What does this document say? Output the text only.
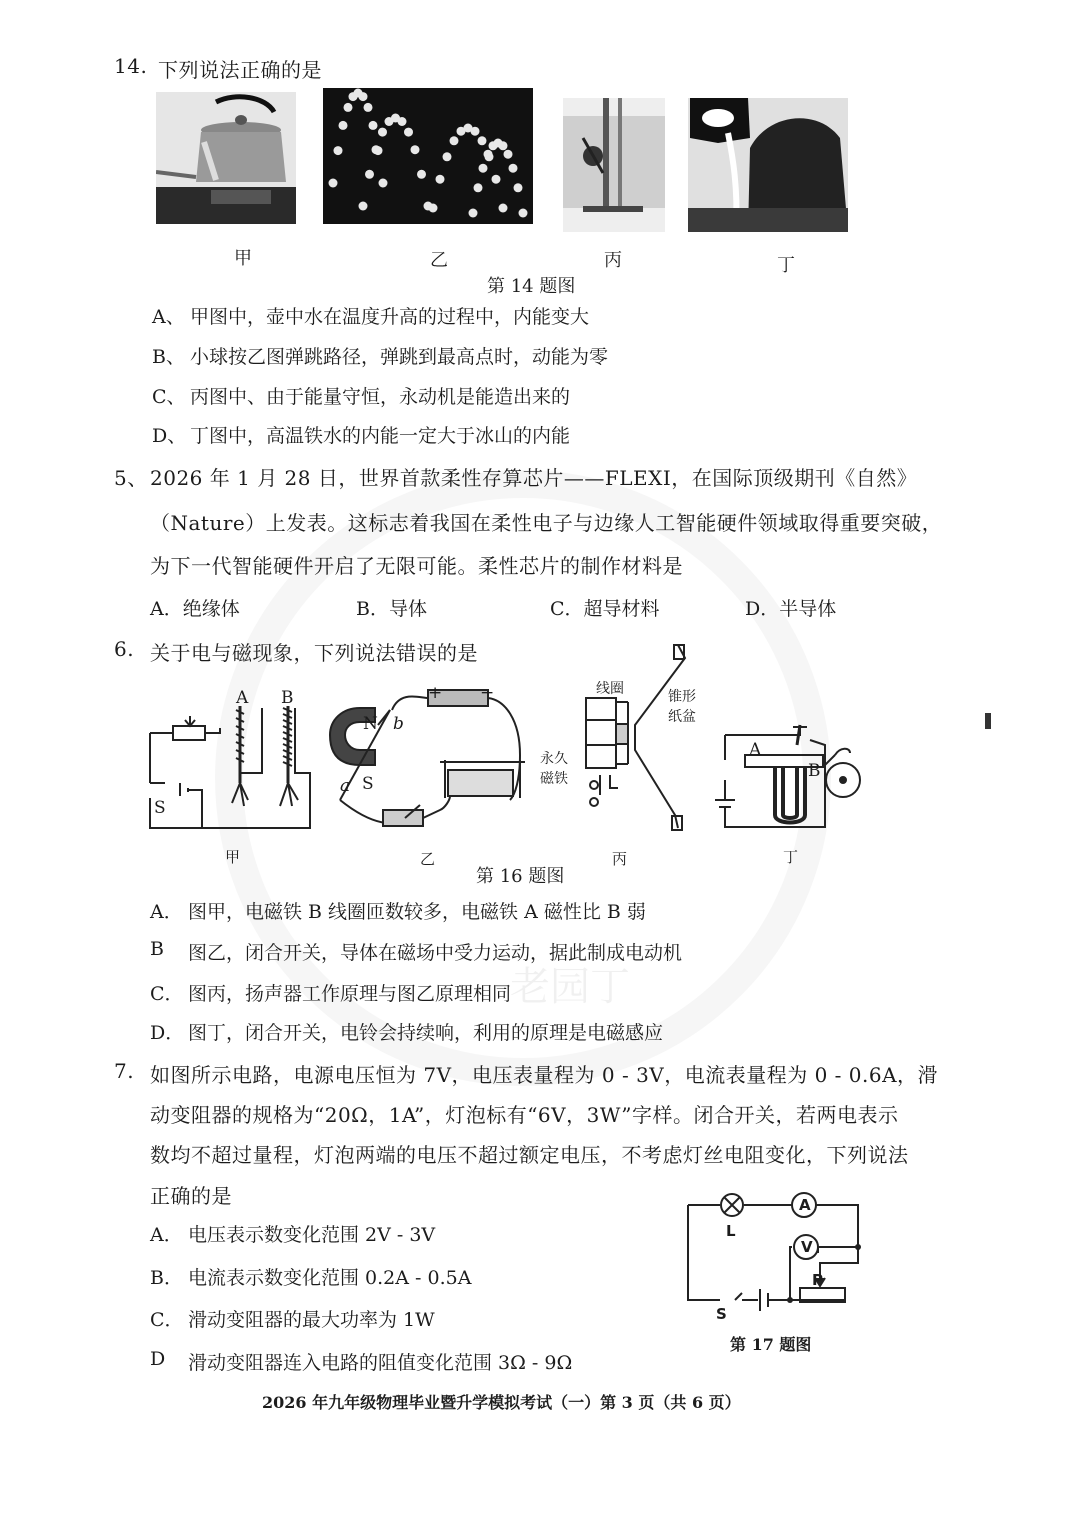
老园丁
14. 下列说法正确的是
甲	乙	丙	丁
第 14 题图
A、 甲图中，壶中水在温度升高的过程中，内能变大
B、 小球按乙图弹跳路径，弹跳到最高点时，动能为零
C、 丙图中、由于能量守恒，永动机是能造出来的
D、 丁图中，高温铁水的内能一定大于冰山的内能
5、 2026 年 1 月 28 日，世界首款柔性存算芯片——FLEXI，在国际顶级期刊《自然》
（Nature）上发表。这标志着我国在柔性电子与边缘人工智能硬件领域取得重要突破，
为下一代智能硬件开启了无限可能。柔性芯片的制作材料是
A．绝缘体	B．导体	C．超导材料	D．半导体
6. 关于电与磁现象，下列说法错误的是
A B
S
N b
S
a
+ −	线圈	锥形
纸盆
永久
磁铁
A
B
甲	乙	丙	丁
第 16 题图
A． 图甲，电磁铁 B 线圈匝数较多，电磁铁 A 磁性比 B 弱
B 图乙，闭合开关，导体在磁场中受力运动，据此制成电动机
C． 图丙，扬声器工作原理与图乙原理相同
D． 图丁，闭合开关，电铃会持续响，利用的原理是电磁感应
7. 如图所示电路，电源电压恒为 7V，电压表量程为 0 - 3V，电流表量程为 0 - 0.6A，滑
动变阻器的规格为“20Ω，1A”，灯泡标有“6V，3W”字样。闭合开关，若两电表示
数均不超过量程，灯泡两端的电压不超过额定电压，不考虑灯丝电阻变化，下列说法
正确的是
A． 电压表示数变化范围 2V - 3V
B． 电流表示数变化范围 0.2A - 0.5A
C． 滑动变阻器的最大功率为 1W
D 滑动变阻器连入电路的阻值变化范围 3Ω - 9Ω
L
A
V
P
S
第 17 题图
2026 年九年级物理毕业暨升学模拟考试（一）第 3 页（共 6 页）
